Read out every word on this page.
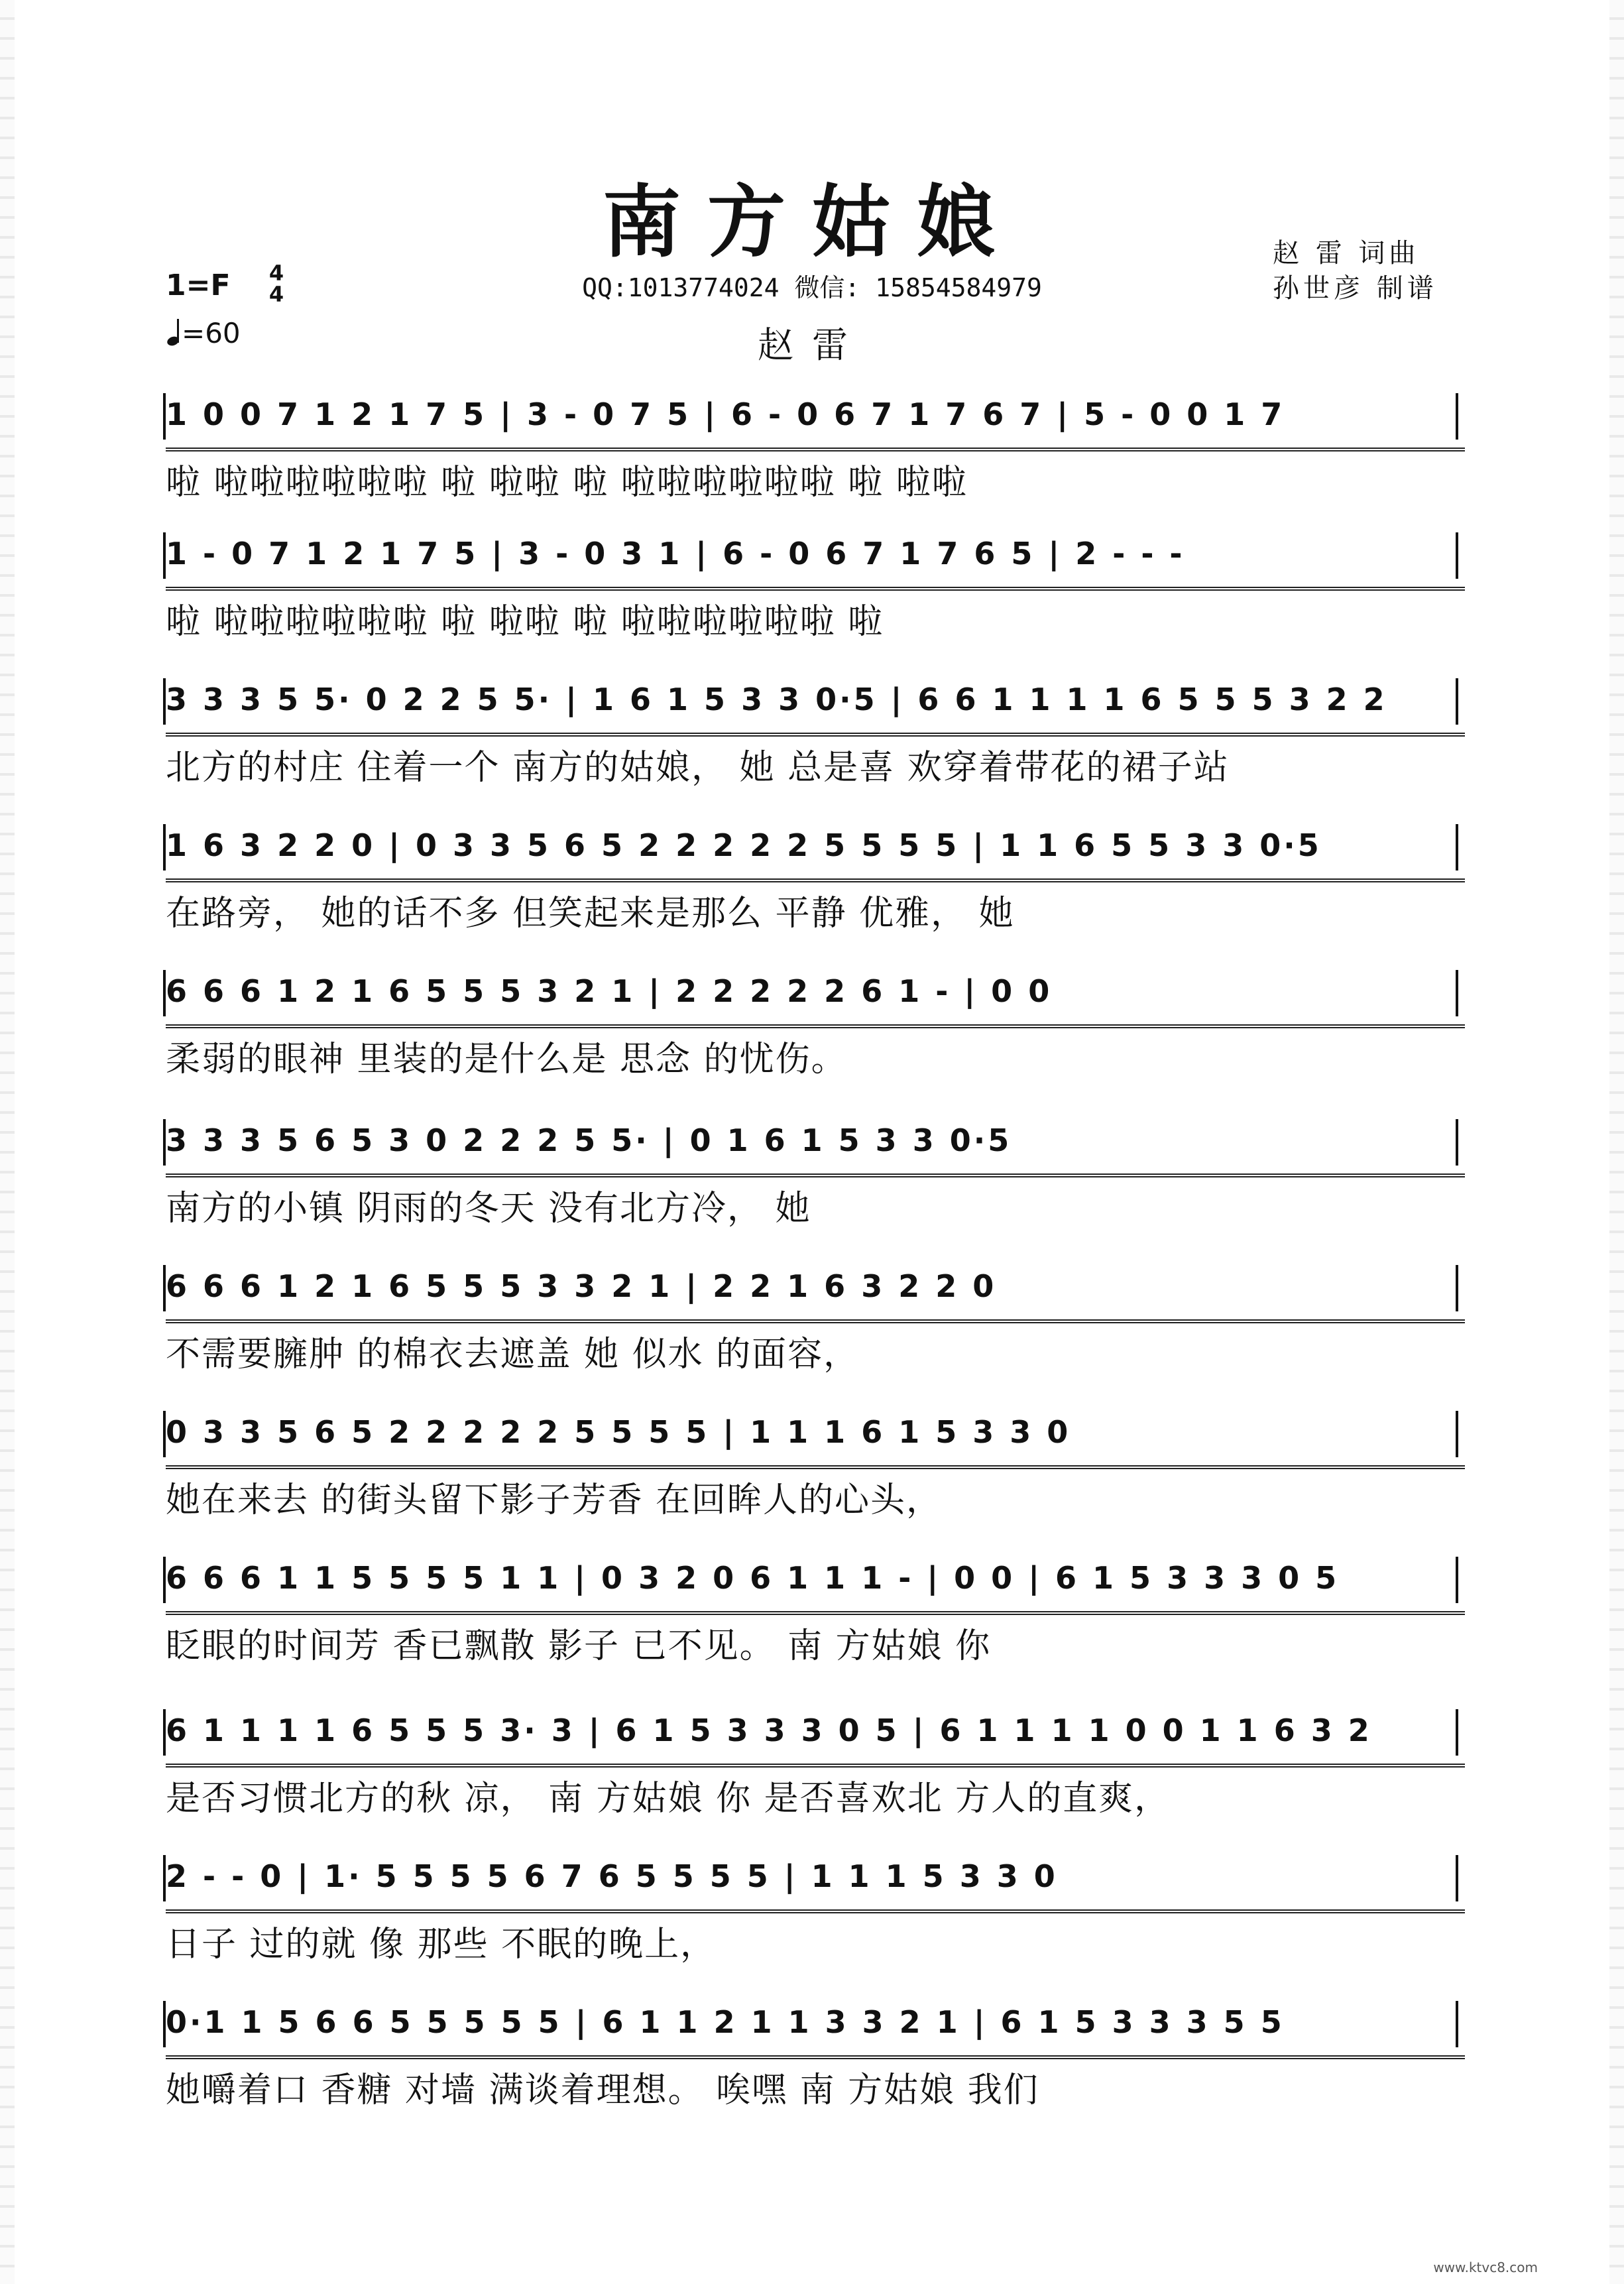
南方姑娘	赵 雷 词曲
孙世彦 制谱
QQ:1013774024 微信: 15854584979
赵雷
1=F 4
4
=60
1 0 0 7 1 2 1 7 5 | 3 - 0 7 5 | 6 - 0 6 7 1 7 6 7 | 5 - 0 0 1 7
啦 啦啦啦啦啦啦 啦 啦啦 啦 啦啦啦啦啦啦 啦 啦啦
1 - 0 7 1 2 1 7 5 | 3 - 0 3 1 | 6 - 0 6 7 1 7 6 5 | 2 - - -
啦 啦啦啦啦啦啦 啦 啦啦 啦 啦啦啦啦啦啦 啦
3 3 3 5 5· 0 2 2 5 5· | 1 6 1 5 3 3 0·5 | 6 6 1 1 1 1 6 5 5 5 3 2 2
北方的村庄 住着一个 南方的姑娘， 她 总是喜 欢穿着带花的裙子站
1 6 3 2 2 0 | 0 3 3 5 6 5 2 2 2 2 2 5 5 5 5 | 1 1 6 5 5 3 3 0·5
在路旁， 她的话不多 但笑起来是那么 平静 优雅， 她
6 6 6 1 2 1 6 5 5 5 3 2 1 | 2 2 2 2 2 6 1 - | 0 0
柔弱的眼神 里装的是什么是 思念 的忧伤。
3 3 3 5 6 5 3 0 2 2 2 5 5· | 0 1 6 1 5 3 3 0·5
南方的小镇 阴雨的冬天 没有北方冷， 她
6 6 6 1 2 1 6 5 5 5 3 3 2 1 | 2 2 1 6 3 2 2 0
不需要臃肿 的棉衣去遮盖 她 似水 的面容，
0 3 3 5 6 5 2 2 2 2 2 5 5 5 5 | 1 1 1 6 1 5 3 3 0
她在来去 的街头留下影子芳香 在回眸人的心头，
6 6 6 1 1 5 5 5 5 1 1 | 0 3 2 0 6 1 1 1 - | 0 0 | 6 1 5 3 3 3 0 5
眨眼的时间芳 香已飘散 影子 已不见。 南 方姑娘 你
6 1 1 1 1 6 5 5 5 3· 3 | 6 1 5 3 3 3 0 5 | 6 1 1 1 1 0 0 1 1 6 3 2
是否习惯北方的秋 凉， 南 方姑娘 你 是否喜欢北 方人的直爽，
2 - - 0 | 1· 5 5 5 5 6 7 6 5 5 5 5 | 1 1 1 5 3 3 0
日子 过的就 像 那些 不眠的晚上，
0·1 1 5 6 6 5 5 5 5 5 | 6 1 1 2 1 1 3 3 2 1 | 6 1 5 3 3 3 5 5
她嚼着口 香糖 对墙 满谈着理想。 唉嘿 南 方姑娘 我们
www.ktvc8.com
